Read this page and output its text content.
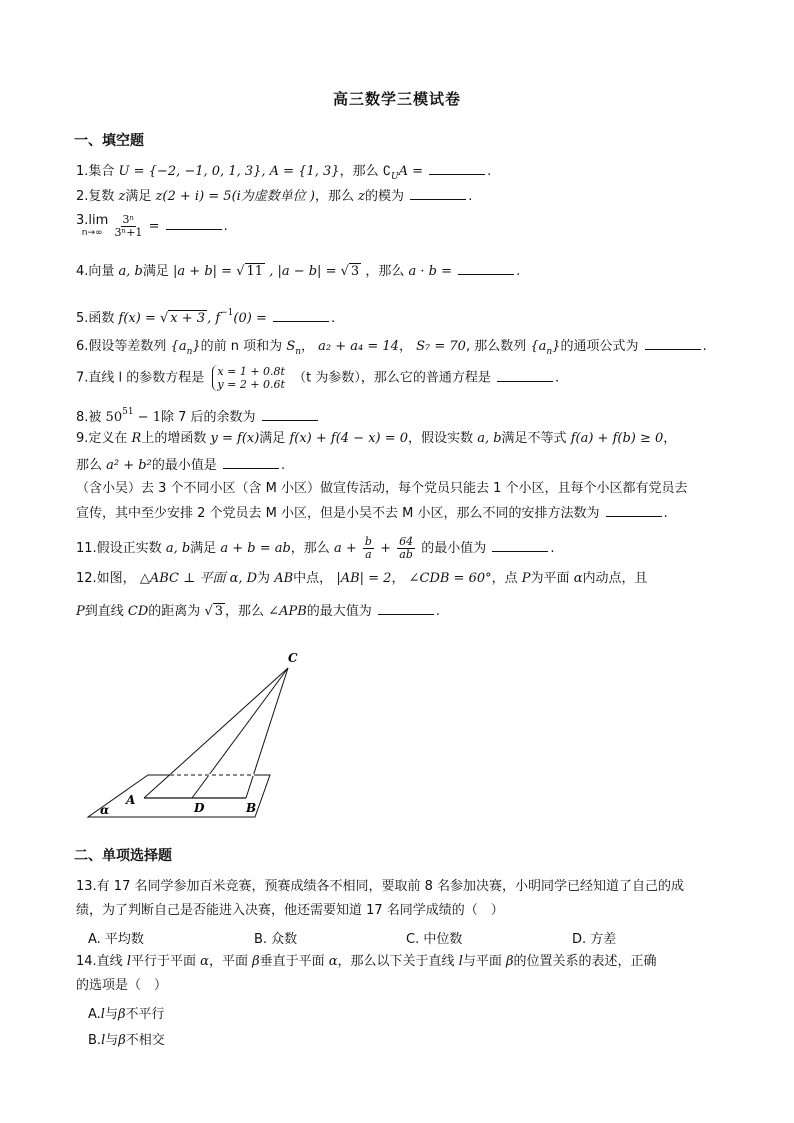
高三数学三模试卷
一、填空题
1.集合 U = {−2, −1, 0, 1, 3}, A = {1, 3}，那么 $∁_UA$ =	.
2.复数 z满足 z(2 + i) = 5(i为虚数单位 )，那么 z的模为	.
3.lim
n→∞
$\frac{\text{3ⁿ}}{\text{3ⁿ+1}}$ =	.
4.向量 a, b满足 |a + b| = √ 11 , |a − b| = √ 3 ，那么 a · b =	.
5.函数 f(x) = √ x + 3 , $f^{-1}(0)$ =	.
6.假设等差数列 $\{a_n\}$的前 n 项和为 $S_n$， a₂ + a₄ = 14， S₇ = 70, 那么数列 $\{a_n\}$的通项公式为	.
7.直线 l 的参数方程是 x = 1 + 0.8t
y = 2 + 0.6t （t 为参数），那么它的普通方程是	.
8.被 $50^{51} - 1$除 7 后的余数为
9.定义在 R上的增函数 y = f(x)满足 f(x) + f(4 − x) = 0，假设实数 a, b满足不等式 f(a) + f(b) ≥ 0，
那么 a² + b²的最小值是	.
（含小吴）去 3 个不同小区（含 M 小区）做宣传活动，每个党员只能去 1 个小区，且每个小区都有党员去
宣传，其中至少安排 2 个党员去 M 小区，但是小吴不去 M 小区，那么不同的安排方法数为	.
11.假设正实数 a, b满足 a + b = ab，那么 $a + \frac{b}{a} + \frac{64}{ab}$ 的最小值为	.
12.如图， △ABC ⊥ 平面 α, D为 AB中点， |AB| = 2， ∠CDB = 60°，点 P为平面 α内动点，且
P到直线 CD的距离为 √ 3 ，那么 ∠APB的最大值为	.
C
A
D	B
α
二、单项选择题
13.有 17 名同学参加百米竞赛，预赛成绩各不相同，要取前 8 名参加决赛，小明同学已经知道了自己的成
绩，为了判断自己是否能进入决赛，他还需要知道 17 名同学成绩的（　）
A. 平均数	B. 众数	C. 中位数	D. 方差
14.直线 l平行于平面 α，平面 β垂直于平面 α，那么以下关于直线 l与平面 β的位置关系的表述，正确
的选项是（　）
A.l与β不平行
B.l与β不相交
